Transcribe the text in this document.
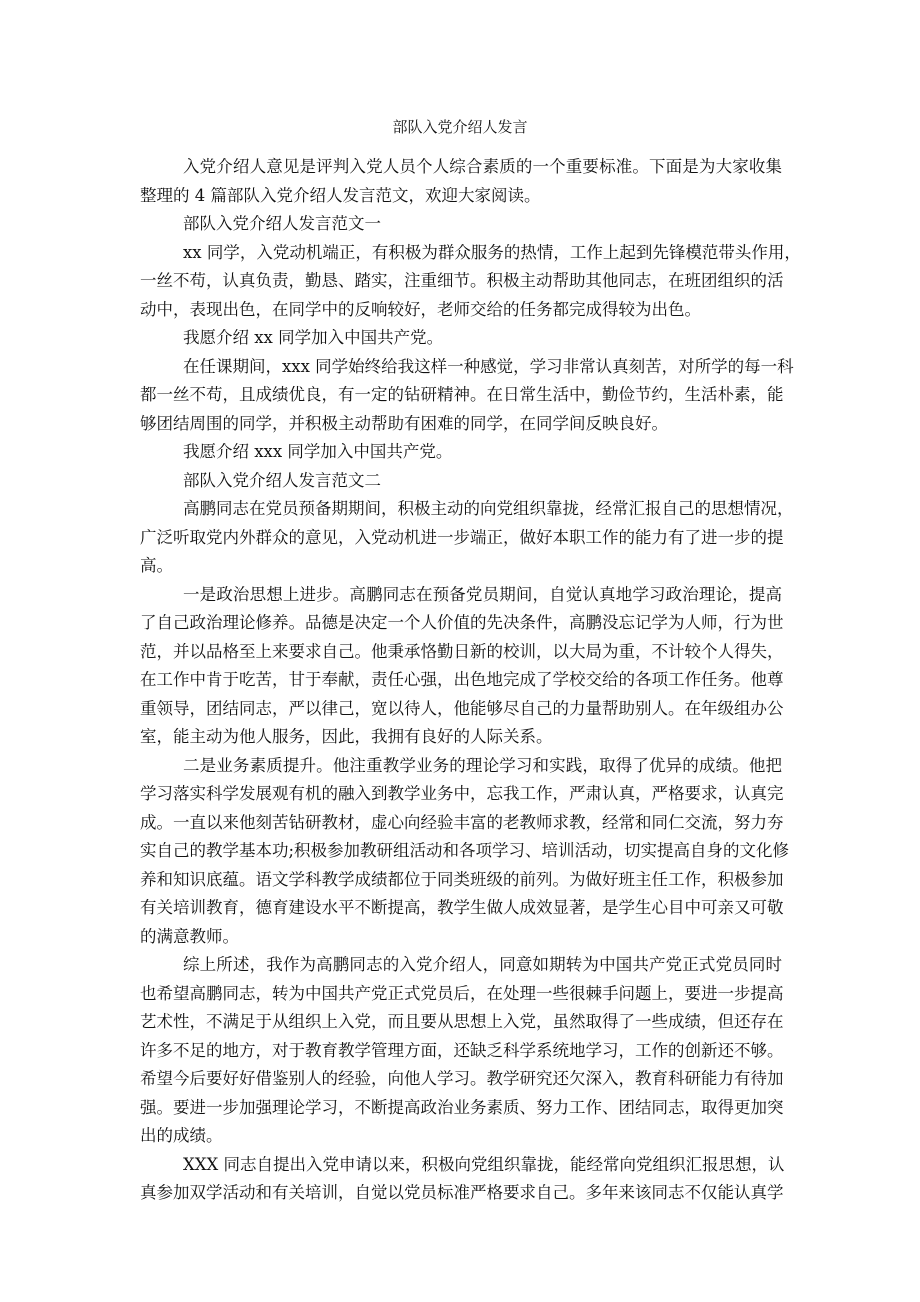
部队入党介绍人发言
入党介绍人意见是评判入党人员个人综合素质的一个重要标准。下面是为大家收集
整理的 4 篇部队入党介绍人发言范文，欢迎大家阅读。
部队入党介绍人发言范文一
xx 同学，入党动机端正，有积极为群众服务的热情，工作上起到先锋模范带头作用，
一丝不苟，认真负责，勤恳、踏实，注重细节。积极主动帮助其他同志，在班团组织的活
动中，表现出色，在同学中的反响较好，老师交给的任务都完成得较为出色。
我愿介绍 xx 同学加入中国共产党。
在任课期间，xxx 同学始终给我这样一种感觉，学习非常认真刻苦，对所学的每一科
都一丝不苟，且成绩优良，有一定的钻研精神。在日常生活中，勤俭节约，生活朴素，能
够团结周围的同学，并积极主动帮助有困难的同学，在同学间反映良好。
我愿介绍 xxx 同学加入中国共产党。
部队入党介绍人发言范文二
高鹏同志在党员预备期期间，积极主动的向党组织靠拢，经常汇报自己的思想情况，
广泛听取党内外群众的意见，入党动机进一步端正，做好本职工作的能力有了进一步的提
高。
一是政治思想上进步。高鹏同志在预备党员期间，自觉认真地学习政治理论，提高
了自己政治理论修养。品德是决定一个人价值的先决条件，高鹏没忘记学为人师，行为世
范，并以品格至上来要求自己。他秉承恪勤日新的校训，以大局为重，不计较个人得失，
在工作中肯于吃苦，甘于奉献，责任心强，出色地完成了学校交给的各项工作任务。他尊
重领导，团结同志，严以律己，宽以待人，他能够尽自己的力量帮助别人。在年级组办公
室，能主动为他人服务，因此，我拥有良好的人际关系。
二是业务素质提升。他注重教学业务的理论学习和实践，取得了优异的成绩。他把
学习落实科学发展观有机的融入到教学业务中，忘我工作，严肃认真，严格要求，认真完
成。一直以来他刻苦钻研教材，虚心向经验丰富的老教师求教，经常和同仁交流，努力夯
实自己的教学基本功;积极参加教研组活动和各项学习、培训活动，切实提高自身的文化修
养和知识底蕴。语文学科教学成绩都位于同类班级的前列。为做好班主任工作，积极参加
有关培训教育，德育建设水平不断提高，教学生做人成效显著，是学生心目中可亲又可敬
的满意教师。
综上所述，我作为高鹏同志的入党介绍人，同意如期转为中国共产党正式党员同时
也希望高鹏同志，转为中国共产党正式党员后，在处理一些很棘手问题上，要进一步提高
艺术性，不满足于从组织上入党，而且要从思想上入党，虽然取得了一些成绩，但还存在
许多不足的地方，对于教育教学管理方面，还缺乏科学系统地学习，工作的创新还不够。
希望今后要好好借鉴别人的经验，向他人学习。教学研究还欠深入，教育科研能力有待加
强。要进一步加强理论学习，不断提高政治业务素质、努力工作、团结同志，取得更加突
出的成绩。
XXX 同志自提出入党申请以来，积极向党组织靠拢，能经常向党组织汇报思想，认
真参加双学活动和有关培训，自觉以党员标准严格要求自己。多年来该同志不仅能认真学
